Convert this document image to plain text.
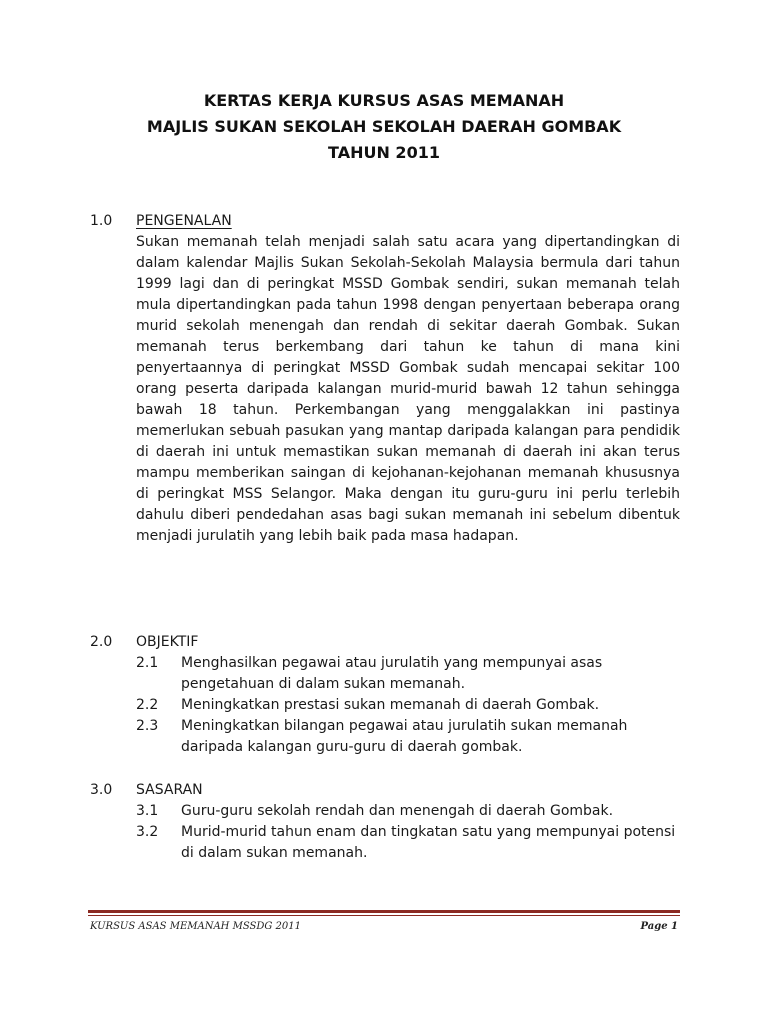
KERTAS KERJA KURSUS ASAS MEMANAH
MAJLIS SUKAN SEKOLAH SEKOLAH DAERAH GOMBAK
TAHUN 2011
1.0	PENGENALAN
Sukan memanah telah menjadi salah satu acara yang dipertandingkan di dalam kalendar Majlis Sukan Sekolah-Sekolah Malaysia bermula dari tahun 1999 lagi dan di peringkat MSSD Gombak sendiri, sukan memanah telah mula dipertandingkan pada tahun 1998 dengan penyertaan beberapa orang murid sekolah menengah dan rendah di sekitar daerah Gombak. Sukan memanah terus berkembang dari tahun ke tahun di mana kini penyertaannya di peringkat MSSD Gombak sudah mencapai sekitar 100 orang peserta daripada kalangan murid-murid bawah 12 tahun sehingga bawah 18 tahun. Perkembangan yang menggalakkan ini pastinya memerlukan sebuah pasukan yang mantap daripada kalangan para pendidik di daerah ini untuk memastikan sukan memanah di daerah ini akan terus mampu memberikan saingan di kejohanan-kejohanan memanah khususnya di peringkat MSS Selangor. Maka dengan itu guru-guru ini perlu terlebih dahulu diberi pendedahan asas bagi sukan memanah ini sebelum dibentuk menjadi jurulatih yang lebih baik pada masa hadapan.
2.0	OBJEKTIF
2.1	Menghasilkan pegawai atau jurulatih yang mempunyai asas pengetahuan di dalam sukan memanah.
2.2	Meningkatkan prestasi sukan memanah di daerah Gombak.
2.3	Meningkatkan bilangan pegawai atau jurulatih sukan memanah daripada kalangan guru-guru di daerah gombak.
3.0	SASARAN
3.1	Guru-guru sekolah rendah dan menengah di daerah Gombak.
3.2	Murid-murid tahun enam dan tingkatan satu yang mempunyai potensi di dalam sukan memanah.
KURSUS ASAS MEMANAH MSSDG 2011	Page 1
